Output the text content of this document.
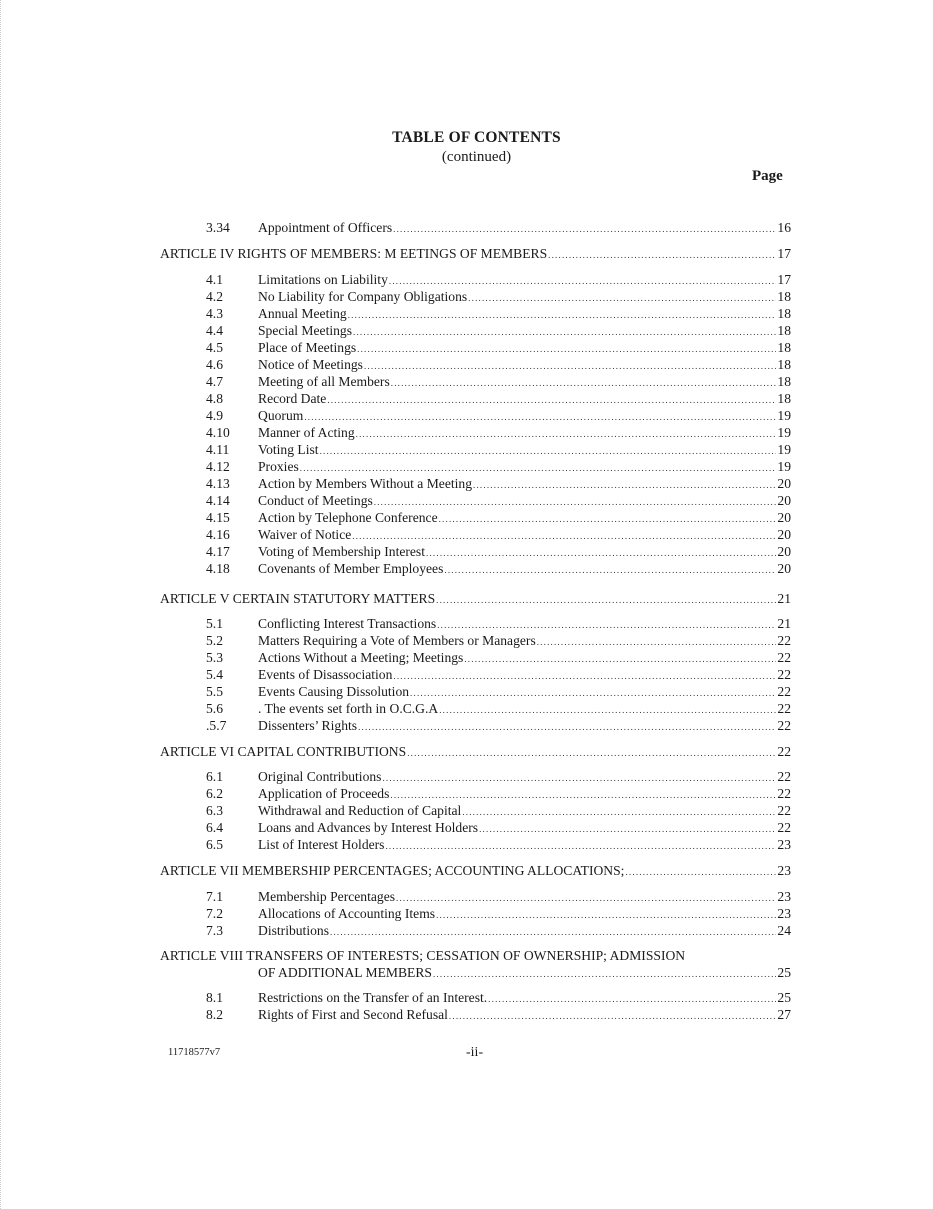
TABLE OF CONTENTS
(continued)
Page
3.34	Appointment of Officers .....	16
ARTICLE IV RIGHTS OF MEMBERS: M EETINGS OF MEMBERS .....	17
4.1	Limitations on Liability .....	17
4.2	No Liability for Company Obligations .....	18
4.3	Annual Meeting .....	18
4.4	Special Meetings .....	18
4.5	Place of Meetings .....	18
4.6	Notice of Meetings .....	18
4.7	Meeting of all Members .....	18
4.8	Record Date .....	18
4.9	Quorum .....	19
4.10	Manner of Acting .....	19
4.11	Voting List .....	19
4.12	Proxies .....	19
4.13	Action by Members Without a Meeting .....	20
4.14	Conduct of Meetings .....	20
4.15	Action by Telephone Conference .....	20
4.16	Waiver of Notice .....	20
4.17	Voting of Membership Interest .....	20
4.18	Covenants of Member Employees .....	20
ARTICLE V CERTAIN STATUTORY MATTERS .....	21
5.1	Conflicting Interest Transactions .....	21
5.2	Matters Requiring a Vote of Members or Managers .....	22
5.3	Actions Without a Meeting; Meetings .....	22
5.4	Events of Disassociation .....	22
5.5	Events Causing Dissolution .....	22
5.6	. The events set forth in O.C.G.A .....	22
.5.7	Dissenters’ Rights .....	22
ARTICLE VI CAPITAL CONTRIBUTIONS .....	22
6.1	Original Contributions .....	22
6.2	Application of Proceeds .....	22
6.3	Withdrawal and Reduction of Capital .....	22
6.4	Loans and Advances by Interest Holders .....	22
6.5	List of Interest Holders .....	23
ARTICLE VII MEMBERSHIP PERCENTAGES; ACCOUNTING ALLOCATIONS; .....	23
7.1	Membership Percentages .....	23
7.2	Allocations of Accounting Items .....	23
7.3	Distributions .....	24
ARTICLE VIII TRANSFERS OF INTERESTS; CESSATION OF OWNERSHIP; ADMISSION
OF ADDITIONAL MEMBERS .....	25
8.1	Restrictions on the Transfer of an Interest. .....	25
8.2	Rights of First and Second Refusal .....	27
11718577v7	-ii-
